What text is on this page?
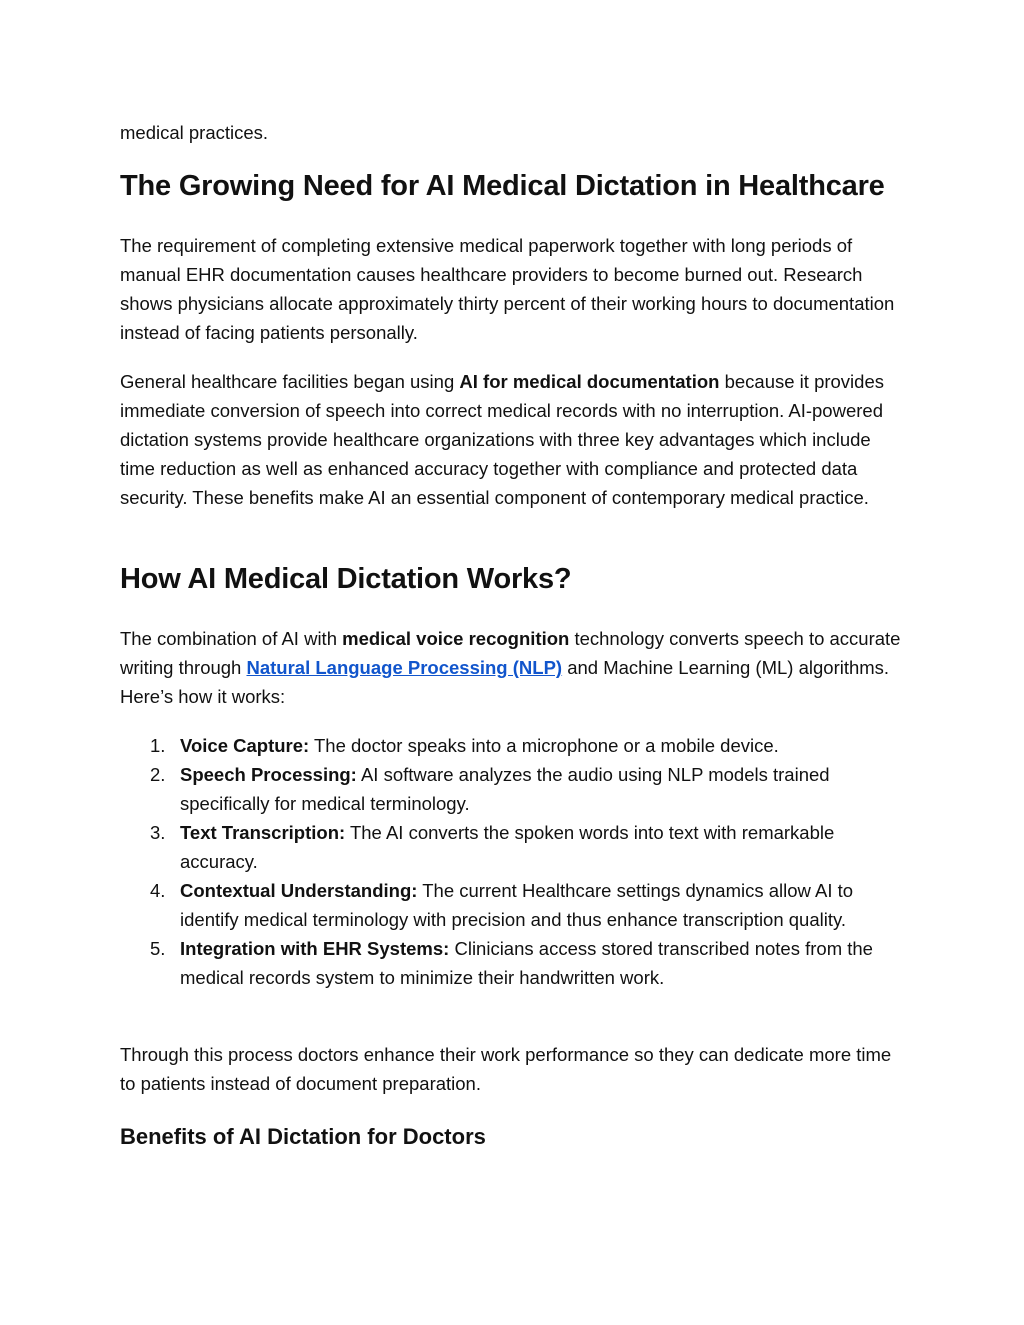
medical practices.

The Growing Need for AI Medical Dictation in Healthcare

The requirement of completing extensive medical paperwork together with long periods of manual EHR documentation causes healthcare providers to become burned out. Research shows physicians allocate approximately thirty percent of their working hours to documentation instead of facing patients personally.

General healthcare facilities began using AI for medical documentation because it provides immediate conversion of speech into correct medical records with no interruption. AI-powered dictation systems provide healthcare organizations with three key advantages which include time reduction as well as enhanced accuracy together with compliance and protected data security. These benefits make AI an essential component of contemporary medical practice.

How AI Medical Dictation Works?

The combination of AI with medical voice recognition technology converts speech to accurate writing through Natural Language Processing (NLP) and Machine Learning (ML) algorithms. Here’s how it works:

1. Voice Capture: The doctor speaks into a microphone or a mobile device.
2. Speech Processing: AI software analyzes the audio using NLP models trained specifically for medical terminology.
3. Text Transcription: The AI converts the spoken words into text with remarkable accuracy.
4. Contextual Understanding: The current Healthcare settings dynamics allow AI to identify medical terminology with precision and thus enhance transcription quality.
5. Integration with EHR Systems: Clinicians access stored transcribed notes from the medical records system to minimize their handwritten work.

Through this process doctors enhance their work performance so they can dedicate more time to patients instead of document preparation.

Benefits of AI Dictation for Doctors
